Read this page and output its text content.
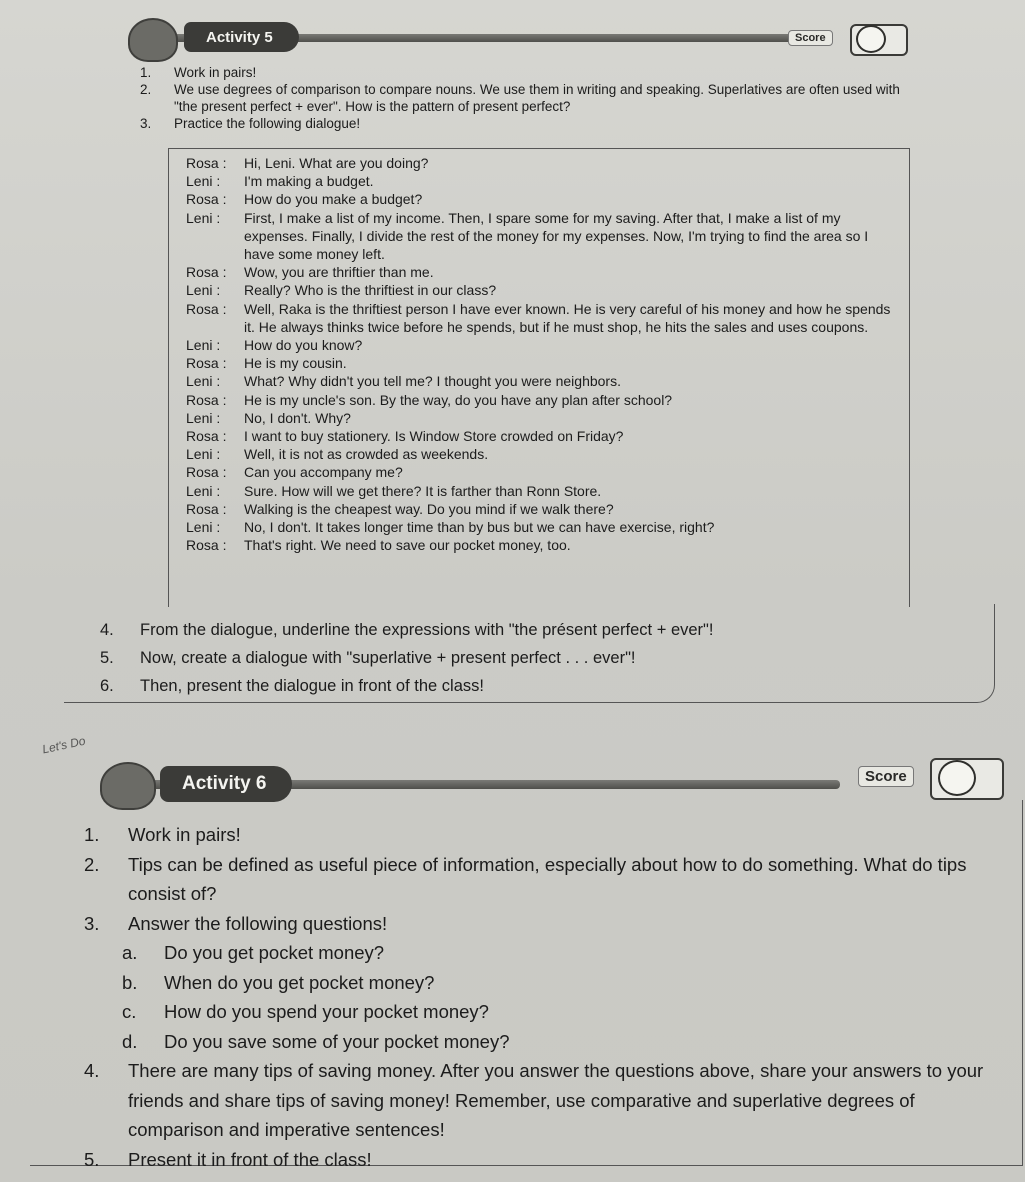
Activity 5	Score
1.	Work in pairs!
2.	We use degrees of comparison to compare nouns. We use them in writing and speaking. Superlatives are often used with "the present perfect + ever". How is the pattern of present perfect?
3.	Practice the following dialogue!
Rosa :	Hi, Leni. What are you doing?
Leni :	I'm making a budget.
Rosa :	How do you make a budget?
Leni :	First, I make a list of my income. Then, I spare some for my saving. After that, I make a list of my expenses. Finally, I divide the rest of the money for my expenses. Now, I'm trying to find the area so I have some money left.
Rosa :	Wow, you are thriftier than me.
Leni :	Really? Who is the thriftiest in our class?
Rosa :	Well, Raka is the thriftiest person I have ever known. He is very careful of his money and how he spends it. He always thinks twice before he spends, but if he must shop, he hits the sales and uses coupons.
Leni :	How do you know?
Rosa :	He is my cousin.
Leni :	What? Why didn't you tell me? I thought you were neighbors.
Rosa :	He is my uncle's son. By the way, do you have any plan after school?
Leni :	No, I don't. Why?
Rosa :	I want to buy stationery. Is Window Store crowded on Friday?
Leni :	Well, it is not as crowded as weekends.
Rosa :	Can you accompany me?
Leni :	Sure. How will we get there? It is farther than Ronn Store.
Rosa :	Walking is the cheapest way. Do you mind if we walk there?
Leni :	No, I don't. It takes longer time than by bus but we can have exercise, right?
Rosa :	That's right. We need to save our pocket money, too.
4.	From the dialogue, underline the expressions with "the présent perfect + ever"!
5.	Now, create a dialogue with "superlative + present perfect . . . ever"!
6.	Then, present the dialogue in front of the class!
Let's Do
Activity 6	Score
1.	Work in pairs!
2.	Tips can be defined as useful piece of information, especially about how to do something. What do tips consist of?
3.	Answer the following questions!
a.	Do you get pocket money?
b.	When do you get pocket money?
c.	How do you spend your pocket money?
d.	Do you save some of your pocket money?
4.	There are many tips of saving money. After you answer the questions above, share your answers to your friends and share tips of saving money! Remember, use comparative and superlative degrees of comparison and imperative sentences!
5.	Present it in front of the class!
